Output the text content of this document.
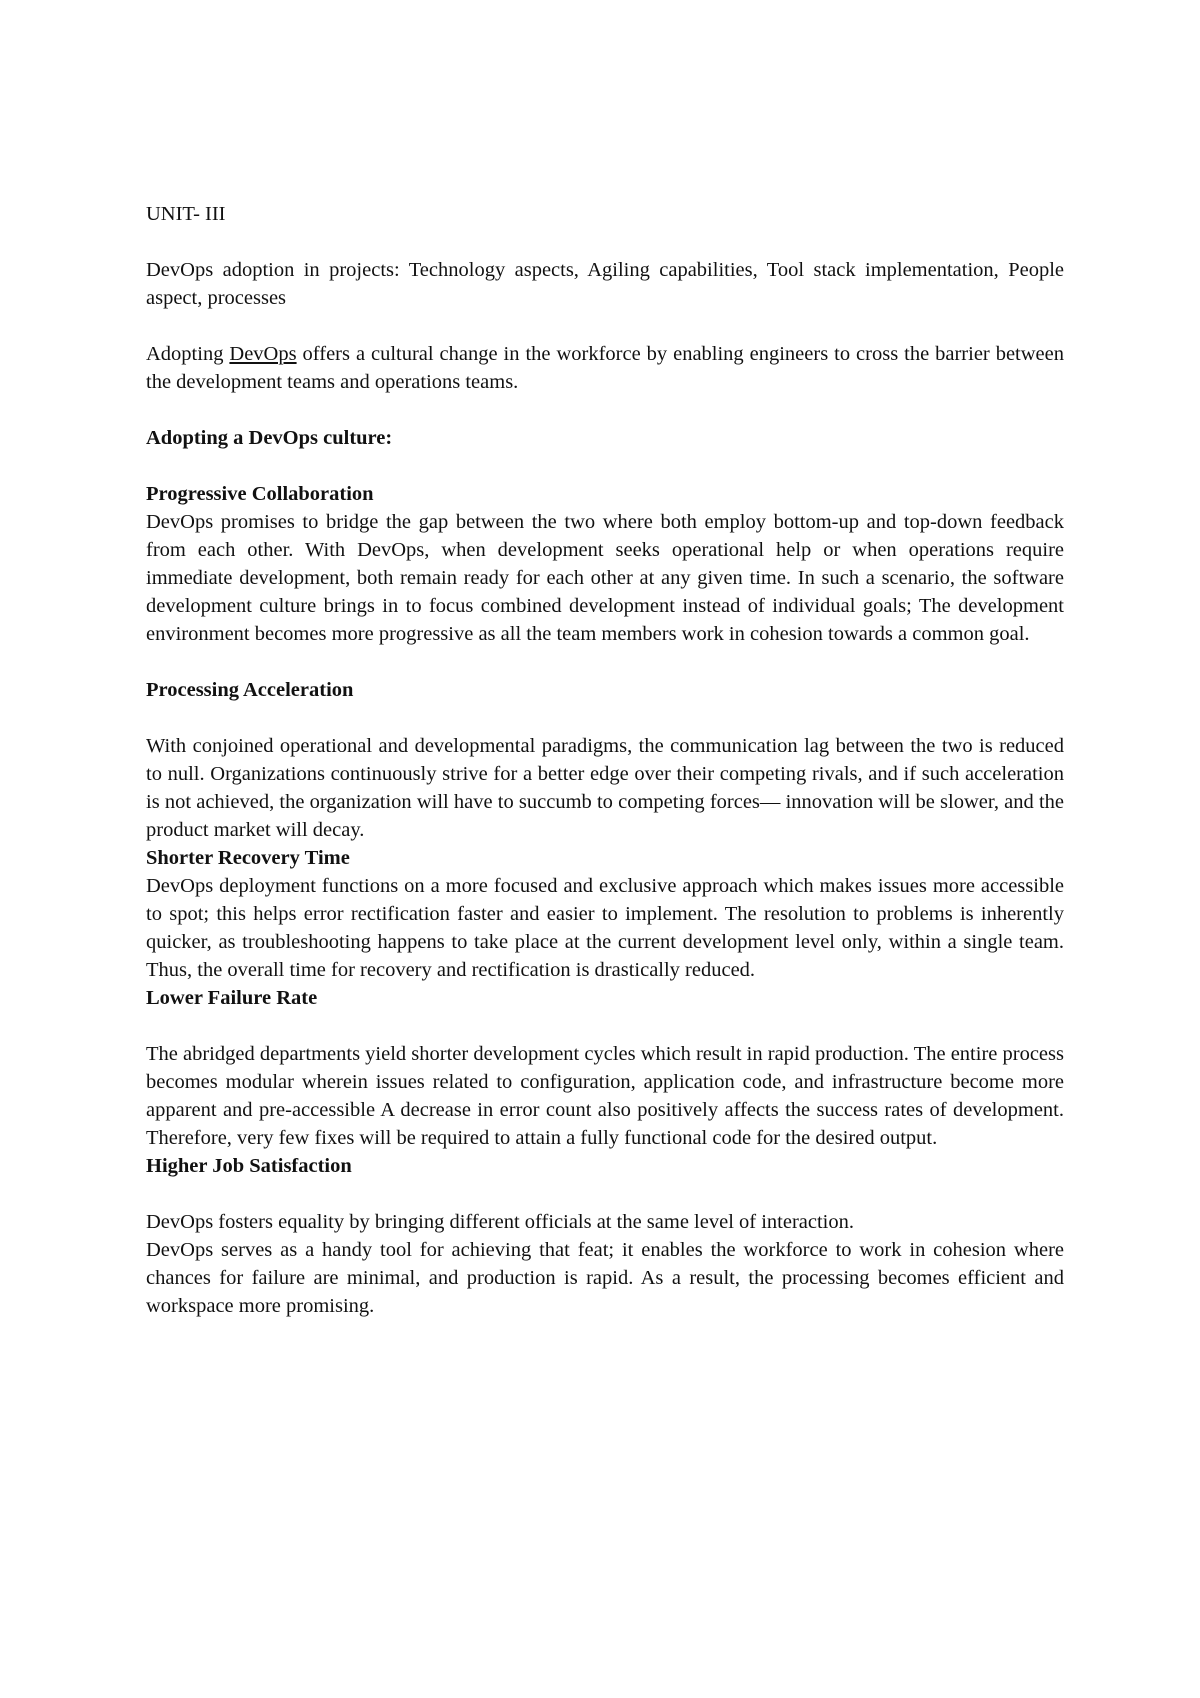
UNIT- III

DevOps adoption in projects: Technology aspects, Agiling capabilities, Tool stack implementation, People aspect, processes

Adopting DevOps offers a cultural change in the workforce by enabling engineers to cross the barrier between the development teams and operations teams.

Adopting a DevOps culture:

Progressive Collaboration

DevOps promises to bridge the gap between the two where both employ bottom-up and top-down feedback from each other. With DevOps, when development seeks operational help or when operations require immediate development, both remain ready for each other at any given time. In such a scenario, the software development culture brings in to focus combined development instead of individual goals; The development environment becomes more progressive as all the team members work in cohesion towards a common goal.

Processing Acceleration

With conjoined operational and developmental paradigms, the communication lag between the two is reduced to null. Organizations continuously strive for a better edge over their competing rivals, and if such acceleration is not achieved, the organization will have to succumb to competing forces— innovation will be slower, and the product market will decay.

Shorter Recovery Time

DevOps deployment functions on a more focused and exclusive approach which makes issues more accessible to spot; this helps error rectification faster and easier to implement. The resolution to problems is inherently quicker, as troubleshooting happens to take place at the current development level only, within a single team. Thus, the overall time for recovery and rectification is drastically reduced.

Lower Failure Rate

The abridged departments yield shorter development cycles which result in rapid production. The entire process becomes modular wherein issues related to configuration, application code, and infrastructure become more apparent and pre-accessible A decrease in error count also positively affects the success rates of development. Therefore, very few fixes will be required to attain a fully functional code for the desired output.

Higher Job Satisfaction

DevOps fosters equality by bringing different officials at the same level of interaction.

DevOps serves as a handy tool for achieving that feat; it enables the workforce to work in cohesion where chances for failure are minimal, and production is rapid. As a result, the processing becomes efficient and workspace more promising.
